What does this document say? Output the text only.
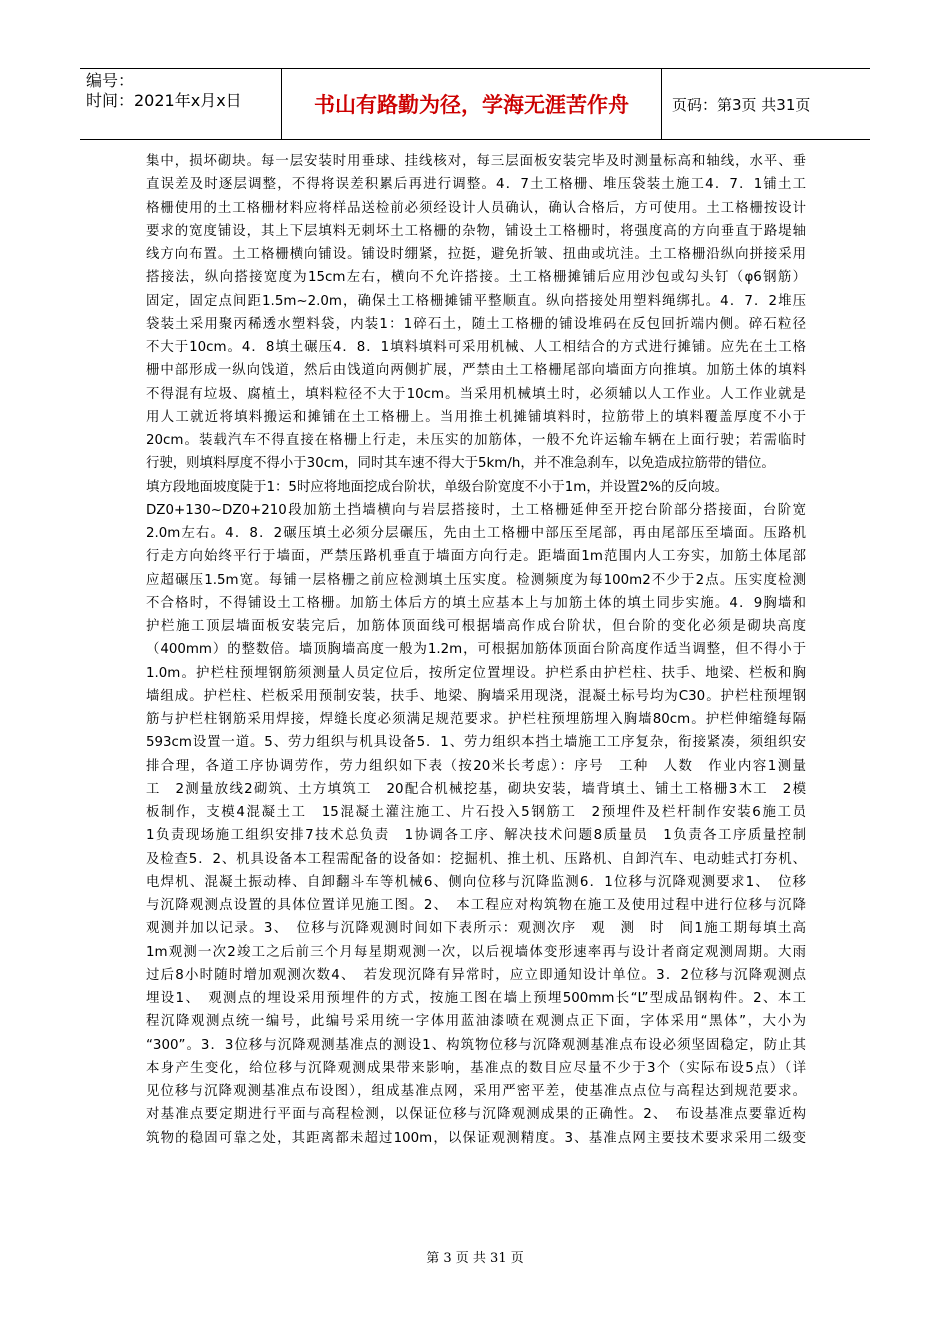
编号：
时间：2021年x月x日	书山有路勤为径，学海无涯苦作舟	页码：第3页 共31页
集中，损坏砌块。每一层安装时用垂球、挂线核对，每三层面板安装完毕及时测量标高和轴线，水平、垂
直误差及时逐层调整，不得将误差积累后再进行调整。4．7土工格栅、堆压袋装土施工4．7．1铺土工
格栅使用的土工格栅材料应将样品送检前必须经设计人员确认，确认合格后，方可使用。土工格栅按设计
要求的宽度铺设，其上下层填料无刺坏土工格栅的杂物，铺设土工格栅时，将强度高的方向垂直于路堤轴
线方向布置。土工格栅横向铺设。铺设时绷紧，拉挺，避免折皱、扭曲或坑洼。土工格栅沿纵向拼接采用
搭接法，纵向搭接宽度为15cm左右，横向不允许搭接。土工格栅摊铺后应用沙包或勾头钉（φ6钢筋）
固定，固定点间距1.5m~2.0m，确保土工格栅摊铺平整顺直。纵向搭接处用塑料绳绑扎。4．7．2堆压
袋装土采用聚丙稀透水塑料袋，内装1：1碎石土，随土工格栅的铺设堆码在反包回折端内侧。碎石粒径
不大于10cm。4．8填土碾压4．8．1填料填料可采用机械、人工相结合的方式进行摊铺。应先在土工格
栅中部形成一纵向饯道，然后由饯道向两侧扩展，严禁由土工格栅尾部向墙面方向推填。加筋土体的填料
不得混有垃圾、腐植土，填料粒径不大于10cm。当采用机械填土时，必须辅以人工作业。人工作业就是
用人工就近将填料搬运和摊铺在土工格栅上。当用推土机摊铺填料时，拉筋带上的填料覆盖厚度不小于
20cm。装载汽车不得直接在格栅上行走，未压实的加筋体，一般不允许运输车辆在上面行驶；若需临时
行驶，则填料厚度不得小于30cm，同时其车速不得大于5km/h，并不准急刹车，以免造成拉筋带的错位。
填方段地面坡度陡于1：5时应将地面挖成台阶状，单级台阶宽度不小于1m，并设置2%的反向坡。
DZ0+130~DZ0+210段加筋土挡墙横向与岩层搭接时，土工格栅延伸至开挖台阶部分搭接面，台阶宽
2.0m左右。4．8．2碾压填土必须分层碾压，先由土工格栅中部压至尾部，再由尾部压至墙面。压路机
行走方向始终平行于墙面，严禁压路机垂直于墙面方向行走。距墙面1m范围内人工夯实，加筋土体尾部
应超碾压1.5m宽。每铺一层格栅之前应检测填土压实度。检测频度为每100m2不少于2点。压实度检测
不合格时，不得铺设土工格栅。加筋土体后方的填土应基本上与加筋土体的填土同步实施。4．9胸墙和
护栏施工顶层墙面板安装完后，加筋体顶面线可根据墙高作成台阶状，但台阶的变化必须是砌块高度
（400mm）的整数倍。墙顶胸墙高度一般为1.2m，可根据加筋体顶面台阶高度作适当调整，但不得小于
1.0m。护栏柱预埋钢筋须测量人员定位后，按所定位置埋设。护栏系由护栏柱、扶手、地梁、栏板和胸
墙组成。护栏柱、栏板采用预制安装，扶手、地梁、胸墙采用现浇，混凝土标号均为C30。护栏柱预埋钢
筋与护栏柱钢筋采用焊接，焊缝长度必须满足规范要求。护栏柱预埋筋埋入胸墙80cm。护栏伸缩缝每隔
593cm设置一道。5、劳力组织与机具设备5．1、劳力组织本挡土墙施工工序复杂，衔接紧凑，须组织安
排合理，各道工序协调劳作，劳力组织如下表（按20米长考虑）：序号　工种　人数　作业内容1测量
工　2测量放线2砌筑、土方填筑工　20配合机械挖基，砌块安装，墙背填土、铺土工格栅3木工　2模
板制作，支模4混凝土工　15混凝土灌注施工、片石投入5钢筋工　2预埋件及栏杆制作安装6施工员
1负责现场施工组织安排7技术总负责　1协调各工序、解决技术问题8质量员　1负责各工序质量控制
及检查5．2、机具设备本工程需配备的设备如：挖掘机、推土机、压路机、自卸汽车、电动蛙式打夯机、
电焊机、混凝土振动棒、自卸翻斗车等机械6、侧向位移与沉降监测6．1位移与沉降观测要求1、　位移
与沉降观测点设置的具体位置详见施工图。2、　本工程应对构筑物在施工及使用过程中进行位移与沉降
观测并加以记录。3、　位移与沉降观测时间如下表所示：观测次序　观　测　时　间1施工期每填土高
1m观测一次2竣工之后前三个月每星期观测一次，以后视墙体变形速率再与设计者商定观测周期。大雨
过后8小时随时增加观测次数4、　若发现沉降有异常时，应立即通知设计单位。3．2位移与沉降观测点
埋设1、　观测点的埋设采用预埋件的方式，按施工图在墙上预埋500mm长“L”型成品钢构件。2、本工
程沉降观测点统一编号，此编号采用统一字体用蓝油漆喷在观测点正下面，字体采用“黑体”，大小为
“300”。3．3位移与沉降观测基准点的测设1、构筑物位移与沉降观测基准点布设必须坚固稳定，防止其
本身产生变化，给位移与沉降观测成果带来影响，基准点的数目应尽量不少于3个（实际布设5点）（详
见位移与沉降观测基准点布设图），组成基准点网，采用严密平差，使基准点点位与高程达到规范要求。
对基准点要定期进行平面与高程检测，以保证位移与沉降观测成果的正确性。2、　布设基准点要靠近构
筑物的稳固可靠之处，其距离都未超过100m，以保证观测精度。3、基准点网主要技术要求采用二级变
第 3 页 共 31 页
